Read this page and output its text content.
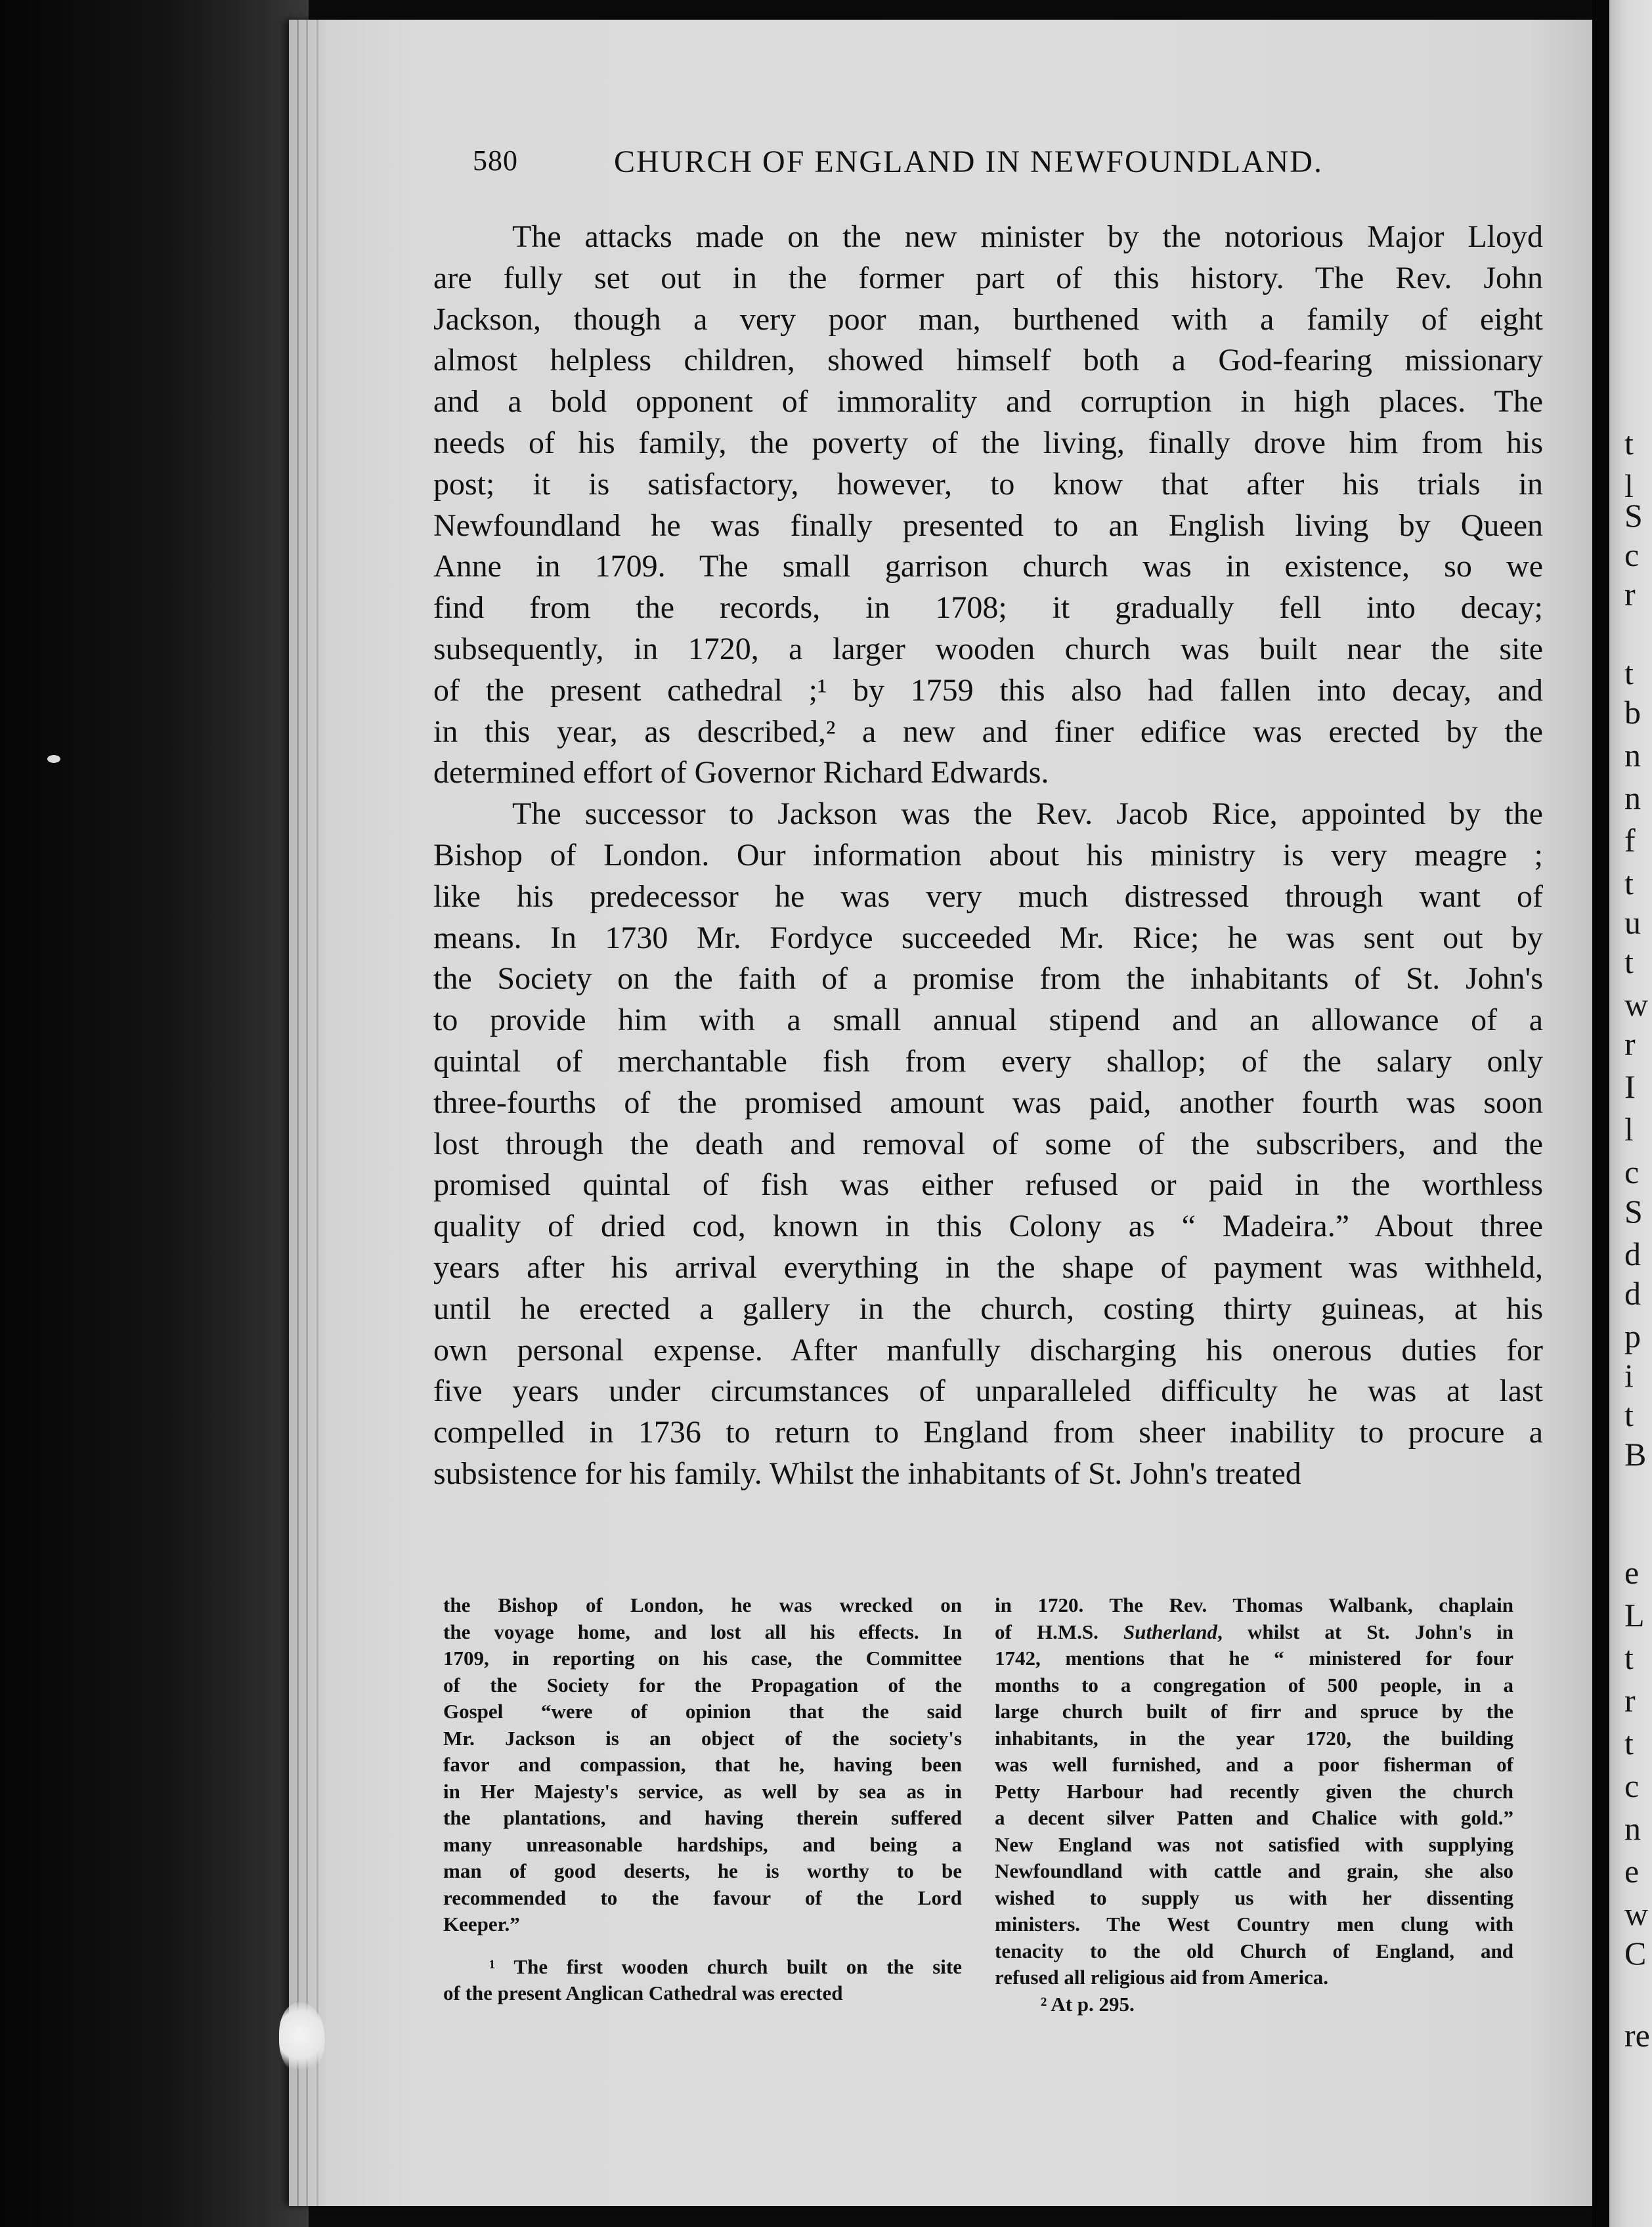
t
l
S
c
r
t
b
n
n
f
t
u
t
w
r
I
l
c
S
d
d
p
i
t
B
e
L
t
r
t
c
n
e
w
C
re
580	CHURCH OF ENGLAND IN NEWFOUNDLAND.
The attacks made on the new minister by the notorious Major Lloyd
are fully set out in the former part of this history. The Rev. John
Jackson, though a very poor man, burthened with a family of eight
almost helpless children, showed himself both a God-fearing missionary
and a bold opponent of immorality and corruption in high places. The
needs of his family, the poverty of the living, finally drove him from his
post; it is satisfactory, however, to know that after his trials in
Newfoundland he was finally presented to an English living by Queen
Anne in 1709. The small garrison church was in existence, so we
find from the records, in 1708; it gradually fell into decay;
subsequently, in 1720, a larger wooden church was built near the site
of the present cathedral ;¹ by 1759 this also had fallen into decay, and
in this year, as described,² a new and finer edifice was erected by the
determined effort of Governor Richard Edwards.
The successor to Jackson was the Rev. Jacob Rice, appointed by the
Bishop of London. Our information about his ministry is very meagre ;
like his predecessor he was very much distressed through want of
means. In 1730 Mr. Fordyce succeeded Mr. Rice; he was sent out by
the Society on the faith of a promise from the inhabitants of St. John's
to provide him with a small annual stipend and an allowance of a
quintal of merchantable fish from every shallop; of the salary only
three-fourths of the promised amount was paid, another fourth was soon
lost through the death and removal of some of the subscribers, and the
promised quintal of fish was either refused or paid in the worthless
quality of dried cod, known in this Colony as “ Madeira.” About three
years after his arrival everything in the shape of payment was withheld,
until he erected a gallery in the church, costing thirty guineas, at his
own personal expense. After manfully discharging his onerous duties for
five years under circumstances of unparalleled difficulty he was at last
compelled in 1736 to return to England from sheer inability to procure a
subsistence for his family. Whilst the inhabitants of St. John's treated
the Bishop of London, he was wrecked on
the voyage home, and lost all his effects. In
1709, in reporting on his case, the Committee
of the Society for the Propagation of the
Gospel “were of opinion that the said
Mr. Jackson is an object of the society's
favor and compassion, that he, having been
in Her Majesty's service, as well by sea as in
the plantations, and having therein suffered
many unreasonable hardships, and being a
man of good deserts, he is worthy to be
recommended to the favour of the Lord
Keeper.”
¹ The first wooden church built on the site
of the present Anglican Cathedral was erected
in 1720. The Rev. Thomas Walbank, chaplain
of H.M.S. Sutherland, whilst at St. John's in
1742, mentions that he “ ministered for four
months to a congregation of 500 people, in a
large church built of firr and spruce by the
inhabitants, in the year 1720, the building
was well furnished, and a poor fisherman of
Petty Harbour had recently given the church
a decent silver Patten and Chalice with gold.”
New England was not satisfied with supplying
Newfoundland with cattle and grain, she also
wished to supply us with her dissenting
ministers. The West Country men clung with
tenacity to the old Church of England, and
refused all religious aid from America.
² At p. 295.
